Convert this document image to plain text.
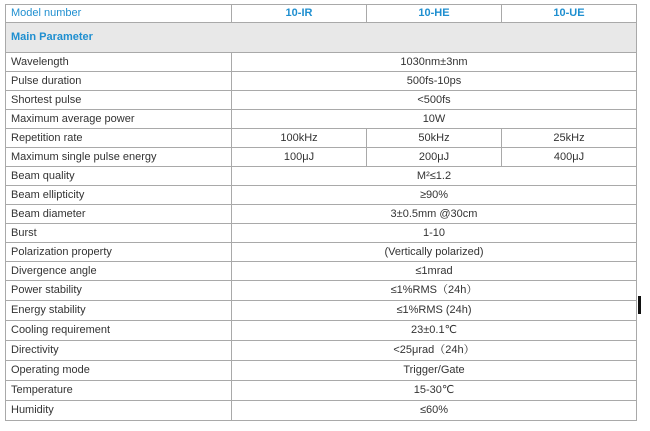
Model number	10-IR	10-HE	10-UE
Main Parameter			
Wavelength	1030nm±3nm		
Pulse duration	500fs-10ps		
Shortest pulse	<500fs		
Maximum average power	10W		
Repetition rate	100kHz	50kHz	25kHz
Maximum single pulse energy	100μJ	200μJ	400μJ
Beam quality	M²≤1.2		
Beam ellipticity	≥90%		
Beam diameter	3±0.5mm @30cm		
Burst	1-10		
Polarization property	(Vertically polarized)		
Divergence angle	≤1mrad		
Power stability	≤1%RMS（24h）		
Energy stability	≤1%RMS (24h)		
Cooling requirement	23±0.1℃		
Directivity	<25μrad（24h）		
Operating mode	Trigger/Gate		
Temperature	15-30℃		
Humidity	≤60%		
